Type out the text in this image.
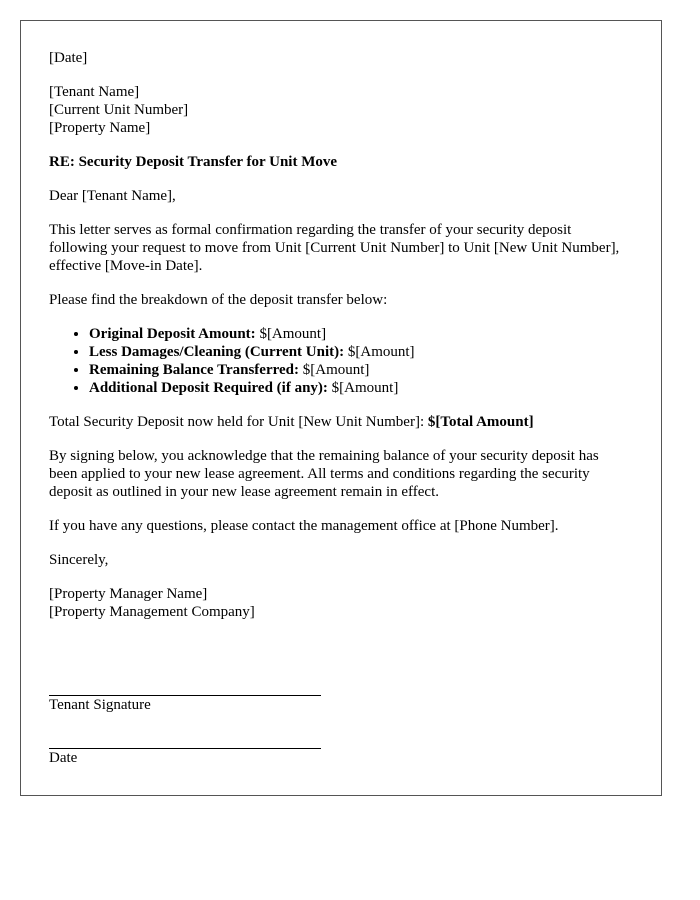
[Date]
[Tenant Name]
[Current Unit Number]
[Property Name]
RE: Security Deposit Transfer for Unit Move
Dear [Tenant Name],

This letter serves as formal confirmation regarding the transfer of your security deposit following your request to move from Unit [Current Unit Number] to Unit [New Unit Number], effective [Move-in Date].

Please find the breakdown of the deposit transfer below:

• Original Deposit Amount: $[Amount]
• Less Damages/Cleaning (Current Unit): $[Amount]
• Remaining Balance Transferred: $[Amount]
• Additional Deposit Required (if any): $[Amount]

Total Security Deposit now held for Unit [New Unit Number]: $[Total Amount]

By signing below, you acknowledge that the remaining balance of your security deposit has been applied to your new lease agreement. All terms and conditions regarding the security deposit as outlined in your new lease agreement remain in effect.

If you have any questions, please contact the management office at [Phone Number].

Sincerely,
[Property Manager Name]
[Property Management Company]
Tenant Signature
Date
